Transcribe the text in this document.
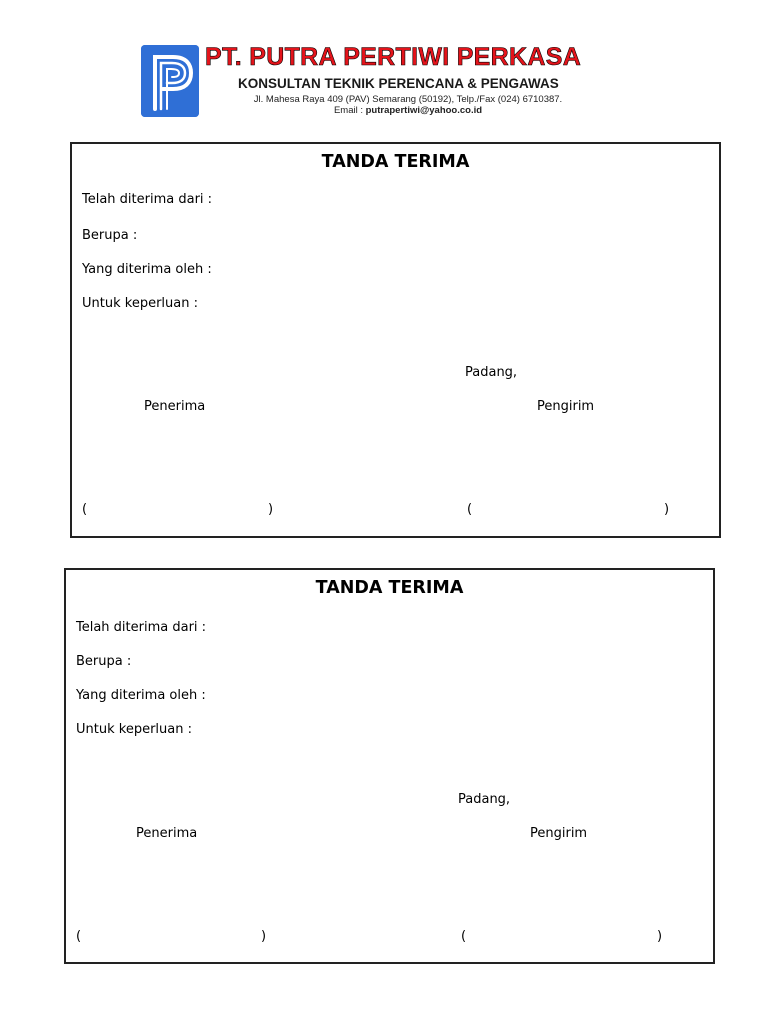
PT. PUTRA PERTIWI PERKASA
KONSULTAN TEKNIK PERENCANA & PENGAWAS
Jl. Mahesa Raya 409 (PAV) Semarang (50192), Telp./Fax (024) 6710387.
Email : putrapertiwi@yahoo.co.id
TANDA TERIMA
Telah diterima dari :
Berupa :
Yang diterima oleh :
Untuk keperluan :
Padang,
Penerima	Pengirim
(	)	(	)
TANDA TERIMA
Telah diterima dari :
Berupa :
Yang diterima oleh :
Untuk keperluan :
Padang,
Penerima	Pengirim
(	)	(	)
